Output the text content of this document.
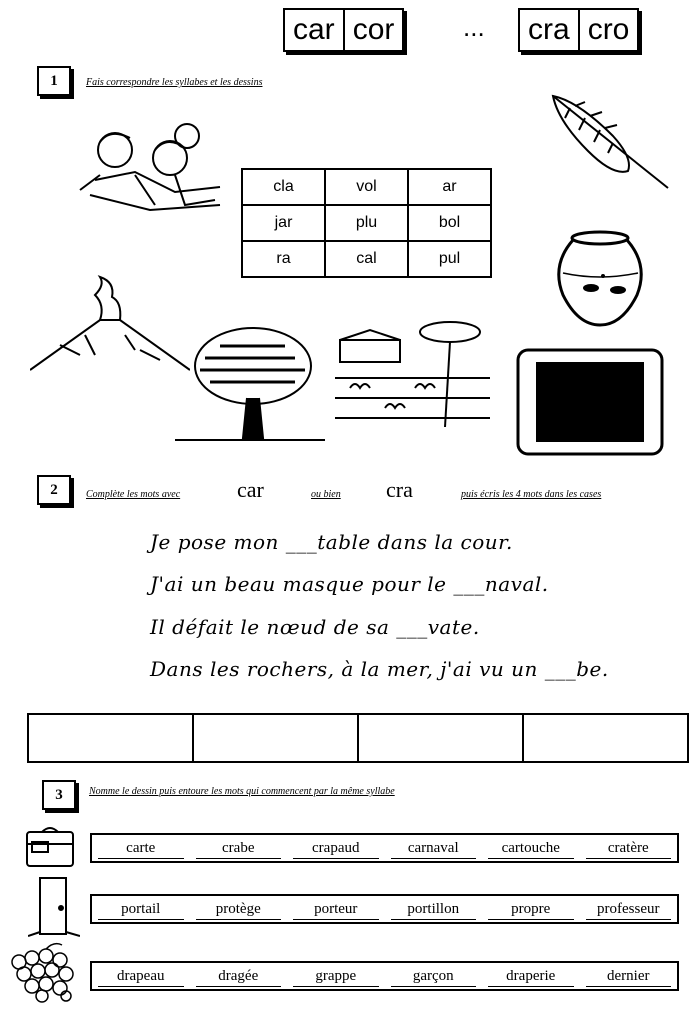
car cor	... cra cro
1	Fais correspondre les syllabes et les dessins
cla	vol	ar
jar	plu	bol
ra	cal	pul
2	Complète les mots avec	car	ou bien cra	puis écris les 4 mots dans les cases
Je pose mon ___table dans la cour.
J'ai un beau masque pour le ___naval.
Il défait le nœud de sa ___vate.
Dans les rochers, à la mer, j'ai vu un ___be.
3	Nomme le dessin puis entoure les mots qui commencent par la même syllabe
carte	crabe	crapaud	carnaval	cartouche	cratère
portail	protège	porteur	portillon	propre	professeur
drapeau	dragée	grappe	garçon	draperie	dernier
